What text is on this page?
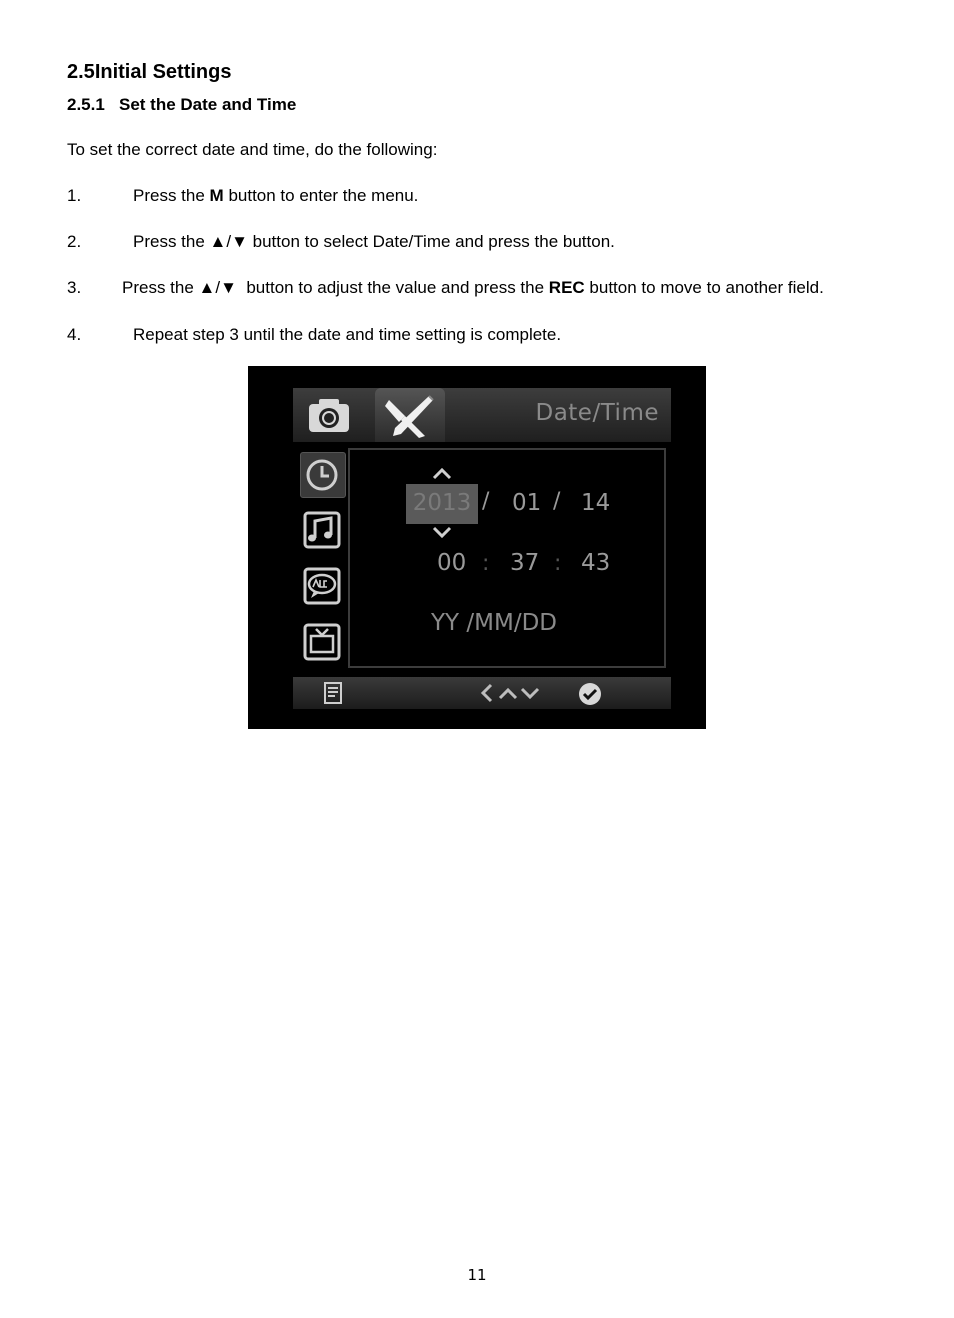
2.5Initial Settings
2.5.1 Set the Date and Time
To set the correct date and time, do the following:
1.	Press the M button to enter the menu.
2.	Press the ▲/▼ button to select Date/Time and press the button.
3. Press the ▲/▼  button to adjust the value and press the REC button to move to another field.
4.	Repeat step 3 until the date and time setting is complete.
Date/Time
2013 / 01 / 14
00 : 37 : 43
YY /MM/DD
11
